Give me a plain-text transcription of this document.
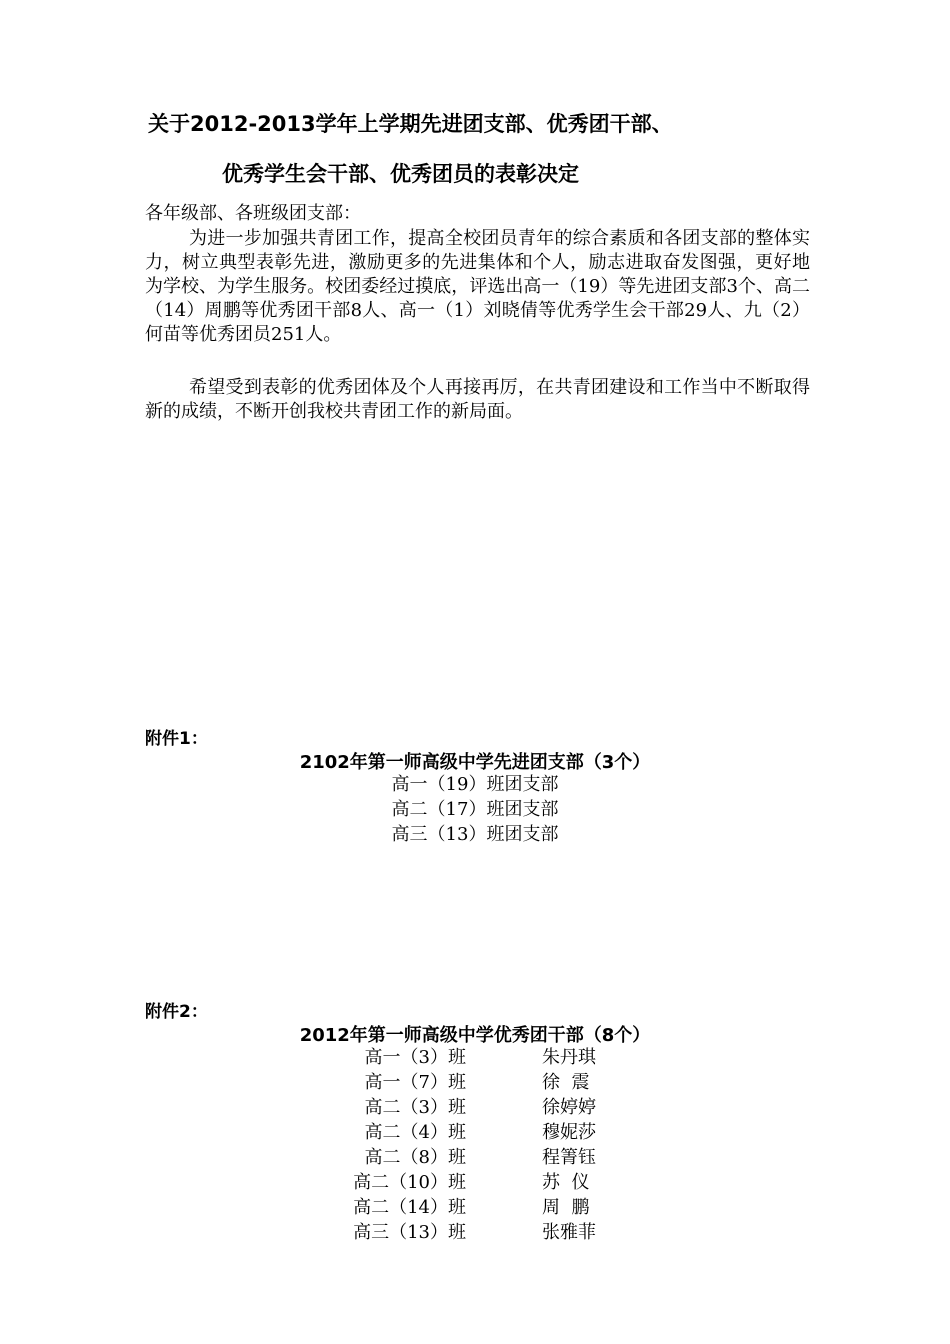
关于2012-2013学年上学期先进团支部、优秀团干部、
优秀学生会干部、优秀团员的表彰决定
各年级部、各班级团支部：
为进一步加强共青团工作，提高全校团员青年的综合素质和各团支部的整体实力，树立典型表彰先进，激励更多的先进集体和个人，励志进取奋发图强，更好地为学校、为学生服务。校团委经过摸底，评选出高一（19）等先进团支部3个、高二（14）周鹏等优秀团干部8人、高一（1）刘晓倩等优秀学生会干部29人、九（2）何苗等优秀团员251人。
希望受到表彰的优秀团体及个人再接再厉，在共青团建设和工作当中不断取得新的成绩，不断开创我校共青团工作的新局面。
附件1：
2102年第一师高级中学先进团支部（3个）
高一（19）班团支部
高二（17）班团支部
高三（13）班团支部
附件2：
2012年第一师高级中学优秀团干部（8个）
高一（3）班	朱丹琪
高一（7）班	徐  震
高二（3）班	徐婷婷
高二（4）班	穆妮莎
高二（8）班	程箐钰
高二（10）班	苏  仪
高二（14）班	周  鹏
高三（13）班	张雅菲
